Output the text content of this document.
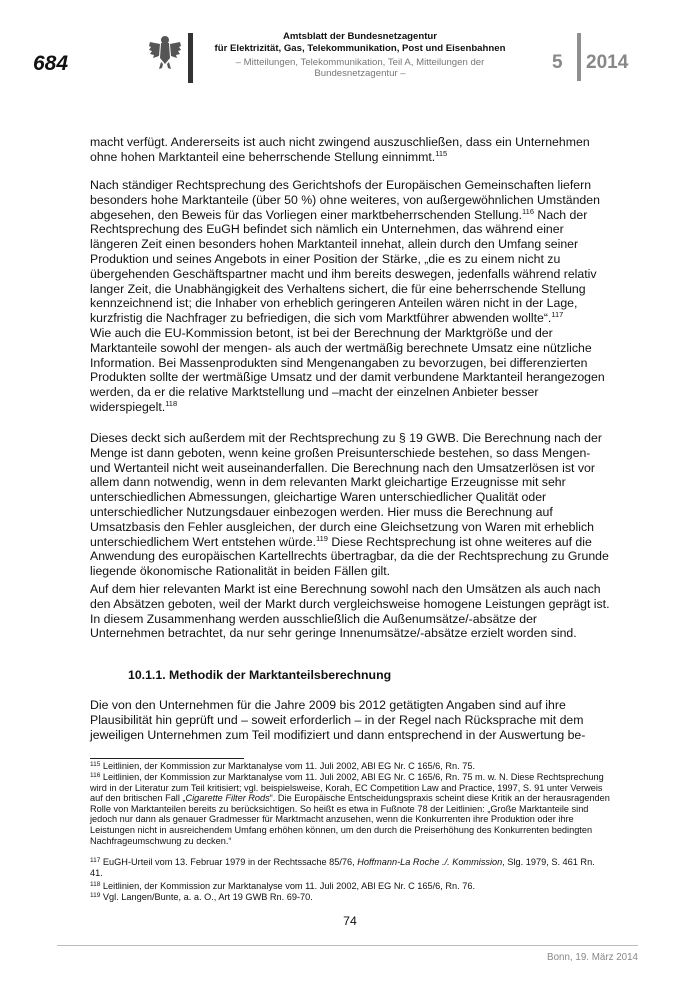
684
Amtsblatt der Bundesnetzagentur
für Elektrizität, Gas, Telekommunikation, Post und Eisenbahnen
– Mitteilungen, Telekommunikation, Teil A, Mitteilungen der Bundesnetzagentur –
5 2014

macht verfügt. Andererseits ist auch nicht zwingend auszuschließen, dass ein Unternehmen ohne hohen Marktanteil eine beherrschende Stellung einnimmt.$^{115}$

Nach ständiger Rechtsprechung des Gerichtshofs der Europäischen Gemeinschaften liefern besonders hohe Marktanteile (über 50 %) ohne weiteres, von außergewöhnlichen Umständen abgesehen, den Beweis für das Vorliegen einer marktbeherrschenden Stellung.$^{116}$ Nach der Rechtsprechung des EuGH befindet sich nämlich ein Unternehmen, das während einer längeren Zeit einen besonders hohen Marktanteil innehat, allein durch den Umfang seiner Produktion und seines Angebots in einer Position der Stärke, „die es zu einem nicht zu übergehenden Geschäftspartner macht und ihm bereits deswegen, jedenfalls während relativ langer Zeit, die Unabhängigkeit des Verhaltens sichert, die für eine beherrschende Stellung kennzeichnend ist; die Inhaber von erheblich geringeren Anteilen wären nicht in der Lage, kurzfristig die Nachfrager zu befriedigen, die sich vom Marktführer abwenden wollte“.$^{117}$

Wie auch die EU-Kommission betont, ist bei der Berechnung der Marktgröße und der Marktanteile sowohl der mengen- als auch der wertmäßig berechnete Umsatz eine nützliche Information. Bei Massenprodukten sind Mengenangaben zu bevorzugen, bei differenzierten Produkten sollte der wertmäßige Umsatz und der damit verbundene Marktanteil herangezogen werden, da er die relative Marktstellung und –macht der einzelnen Anbieter besser widerspiegelt.$^{118}$

Dieses deckt sich außerdem mit der Rechtsprechung zu § 19 GWB. Die Berechnung nach der Menge ist dann geboten, wenn keine großen Preisunterschiede bestehen, so dass Mengen- und Wertanteil nicht weit auseinanderfallen. Die Berechnung nach den Umsatzerlösen ist vor allem dann notwendig, wenn in dem relevanten Markt gleichartige Erzeugnisse mit sehr unterschiedlichen Abmessungen, gleichartige Waren unterschiedlicher Qualität oder unterschiedlicher Nutzungsdauer einbezogen werden. Hier muss die Berechnung auf Umsatzbasis den Fehler ausgleichen, der durch eine Gleichsetzung von Waren mit erheblich unterschiedlichem Wert entstehen würde.$^{119}$ Diese Rechtsprechung ist ohne weiteres auf die Anwendung des europäischen Kartellrechts übertragbar, da die der Rechtsprechung zu Grunde liegende ökonomische Rationalität in beiden Fällen gilt.

Auf dem hier relevanten Markt ist eine Berechnung sowohl nach den Umsätzen als auch nach den Absätzen geboten, weil der Markt durch vergleichsweise homogene Leistungen geprägt ist. In diesem Zusammenhang werden ausschließlich die Außenumsätze/-absätze der Unternehmen betrachtet, da nur sehr geringe Innenumsätze/-absätze erzielt worden sind.

10.1.1. Methodik der Marktanteilsberechnung

Die von den Unternehmen für die Jahre 2009 bis 2012 getätigten Angaben sind auf ihre Plausibilität hin geprüft und – soweit erforderlich – in der Regel nach Rücksprache mit dem jeweiligen Unternehmen zum Teil modifiziert und dann entsprechend in der Auswertung be-

$^{115}$ Leitlinien, der Kommission zur Marktanalyse vom 11. Juli 2002, ABl EG Nr. C 165/6, Rn. 75.

$^{116}$ Leitlinien, der Kommission zur Marktanalyse vom 11. Juli 2002, ABl EG Nr. C 165/6, Rn. 75 m. w. N. Diese Rechtsprechung wird in der Literatur zum Teil kritisiert; vgl. beispielsweise, Korah, EC Competition Law and Practice, 1997, S. 91 unter Verweis auf den britischen Fall „Cigarette Filter Rods“. Die Europäische Entscheidungspraxis scheint diese Kritik an der herausragenden Rolle von Marktanteilen bereits zu berücksichtigen. So heißt es etwa in Fußnote 78 der Leitlinien: „Große Marktanteile sind jedoch nur dann als genauer Gradmesser für Marktmacht anzusehen, wenn die Konkurrenten ihre Produktion oder ihre Leistungen nicht in ausreichendem Umfang erhöhen können, um den durch die Preiserhöhung des Konkurrenten bedingten Nachfrageumschwung zu decken.“

$^{117}$ EuGH-Urteil vom 13. Februar 1979 in der Rechtssache 85/76, Hoffmann-La Roche ./. Kommission, Slg. 1979, S. 461 Rn. 41.

$^{118}$ Leitlinien, der Kommission zur Marktanalyse vom 11. Juli 2002, ABl EG Nr. C 165/6, Rn. 76.

$^{119}$ Vgl. Langen/Bunte, a. a. O., Art 19 GWB Rn. 69-70.

74
Bonn, 19. März 2014
